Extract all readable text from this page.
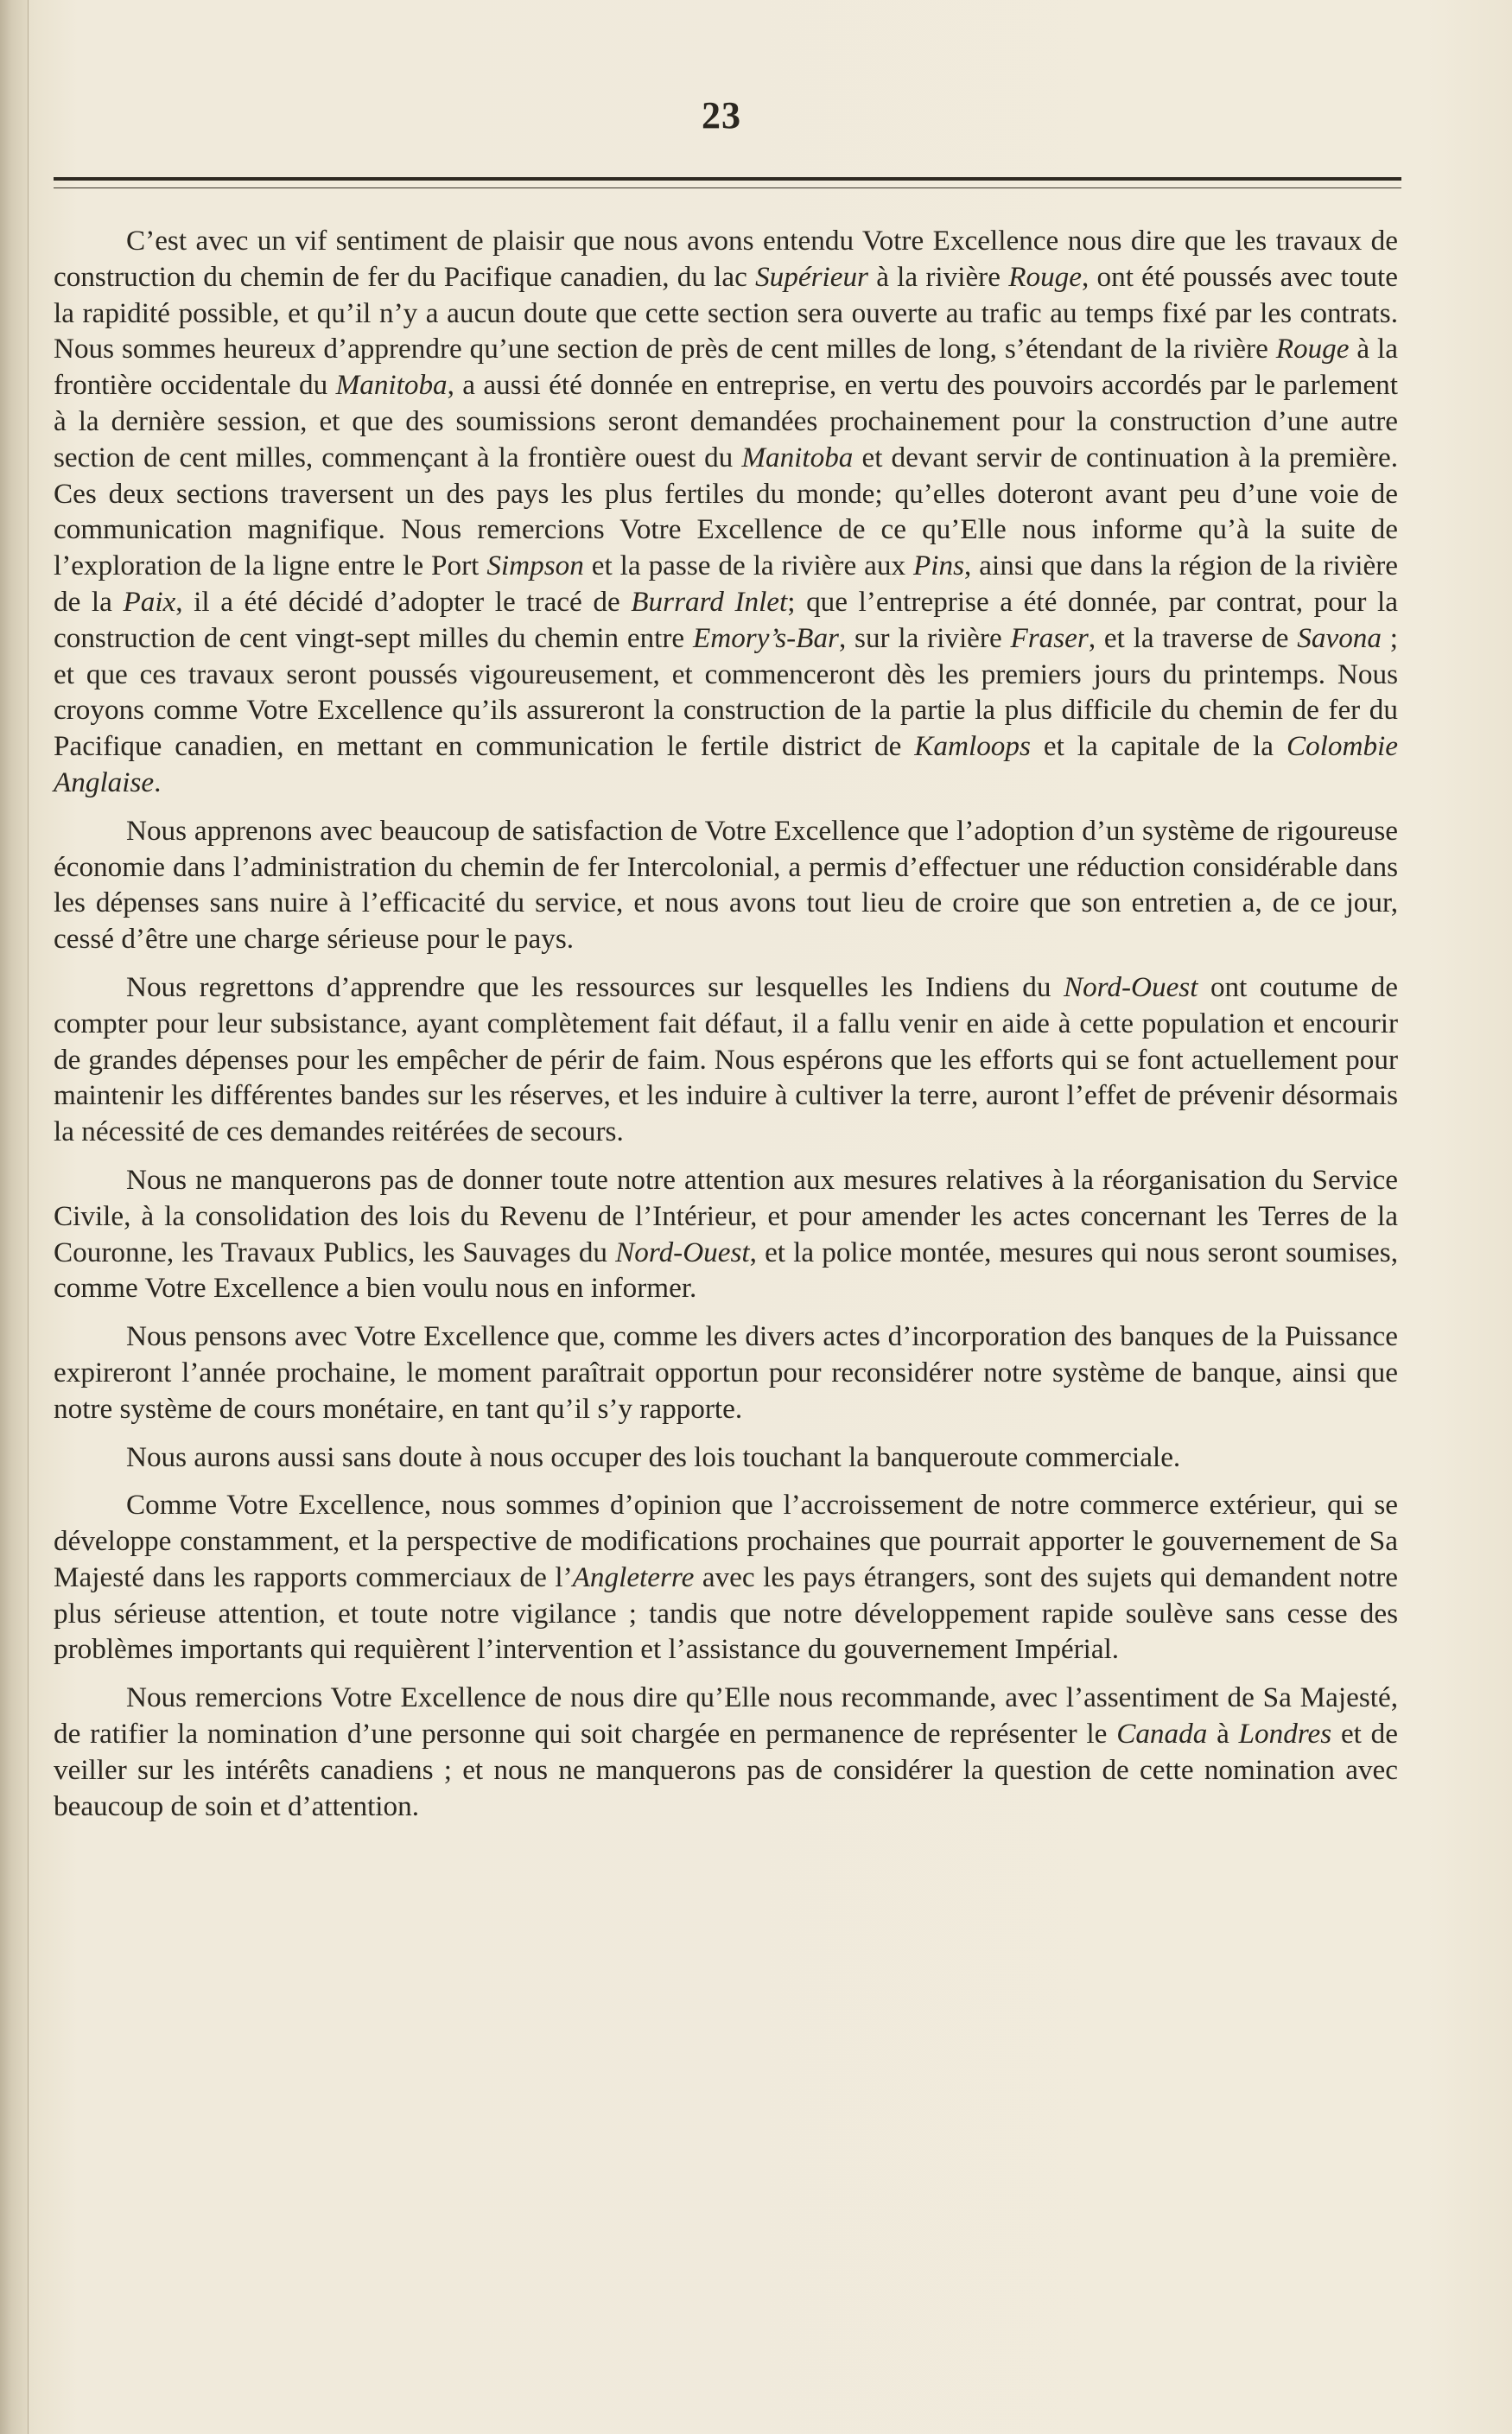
23

C’est avec un vif sentiment de plaisir que nous avons entendu Votre Excellence nous dire que les travaux de construction du chemin de fer du Pacifique canadien, du lac Supérieur à la rivière Rouge, ont été poussés avec toute la rapidité possible, et qu’il n’y a aucun doute que cette section sera ouverte au trafic au temps fixé par les contrats. Nous sommes heureux d’apprendre qu’une section de près de cent milles de long, s’étendant de la rivière Rouge à la frontière occidentale du Manitoba, a aussi été donnée en entreprise, en vertu des pouvoirs accordés par le parlement à la dernière session, et que des soumissions seront demandées prochainement pour la construction d’une autre section de cent milles, commençant à la frontière ouest du Manitoba et devant servir de continuation à la première. Ces deux sections traversent un des pays les plus fertiles du monde; qu’elles doteront avant peu d’une voie de communication magnifique. Nous remercions Votre Excellence de ce qu’Elle nous informe qu’à la suite de l’exploration de la ligne entre le Port Simpson et la passe de la rivière aux Pins, ainsi que dans la région de la rivière de la Paix, il a été décidé d’adopter le tracé de Burrard Inlet; que l’entreprise a été donnée, par contrat, pour la construction de cent vingt-sept milles du chemin entre Emory’s-Bar, sur la rivière Fraser, et la traverse de Savona ; et que ces travaux seront poussés vigoureusement, et commenceront dès les premiers jours du printemps. Nous croyons comme Votre Excellence qu’ils assureront la construction de la partie la plus difficile du chemin de fer du Pacifique canadien, en mettant en communication le fertile district de Kamloops et la capitale de la Colombie Anglaise.

Nous apprenons avec beaucoup de satisfaction de Votre Excellence que l’adoption d’un système de rigoureuse économie dans l’administration du chemin de fer Intercolonial, a permis d’effectuer une réduction considérable dans les dépenses sans nuire à l’efficacité du service, et nous avons tout lieu de croire que son entretien a, de ce jour, cessé d’être une charge sérieuse pour le pays.

Nous regrettons d’apprendre que les ressources sur lesquelles les Indiens du Nord-Ouest ont coutume de compter pour leur subsistance, ayant complètement fait défaut, il a fallu venir en aide à cette population et encourir de grandes dépenses pour les empêcher de périr de faim. Nous espérons que les efforts qui se font actuellement pour maintenir les différentes bandes sur les réserves, et les induire à cultiver la terre, auront l’effet de prévenir désormais la nécessité de ces demandes reitérées de secours.

Nous ne manquerons pas de donner toute notre attention aux mesures relatives à la réorganisation du Service Civile, à la consolidation des lois du Revenu de l’Intérieur, et pour amender les actes concernant les Terres de la Couronne, les Travaux Publics, les Sauvages du Nord-Ouest, et la police montée, mesures qui nous seront soumises, comme Votre Excellence a bien voulu nous en informer.

Nous pensons avec Votre Excellence que, comme les divers actes d’incorporation des banques de la Puissance expireront l’année prochaine, le moment paraîtrait opportun pour reconsidérer notre système de banque, ainsi que notre système de cours monétaire, en tant qu’il s’y rapporte.

Nous aurons aussi sans doute à nous occuper des lois touchant la banqueroute commerciale.

Comme Votre Excellence, nous sommes d’opinion que l’accroissement de notre commerce extérieur, qui se développe constamment, et la perspective de modifications prochaines que pourrait apporter le gouvernement de Sa Majesté dans les rapports commerciaux de l’Angleterre avec les pays étrangers, sont des sujets qui demandent notre plus sérieuse attention, et toute notre vigilance ; tandis que notre développement rapide soulève sans cesse des problèmes importants qui requièrent l’intervention et l’assistance du gouvernement Impérial.

Nous remercions Votre Excellence de nous dire qu’Elle nous recommande, avec l’assentiment de Sa Majesté, de ratifier la nomination d’une personne qui soit chargée en permanence de représenter le Canada à Londres et de veiller sur les intérêts canadiens ; et nous ne manquerons pas de considérer la question de cette nomination avec beaucoup de soin et d’attention.
